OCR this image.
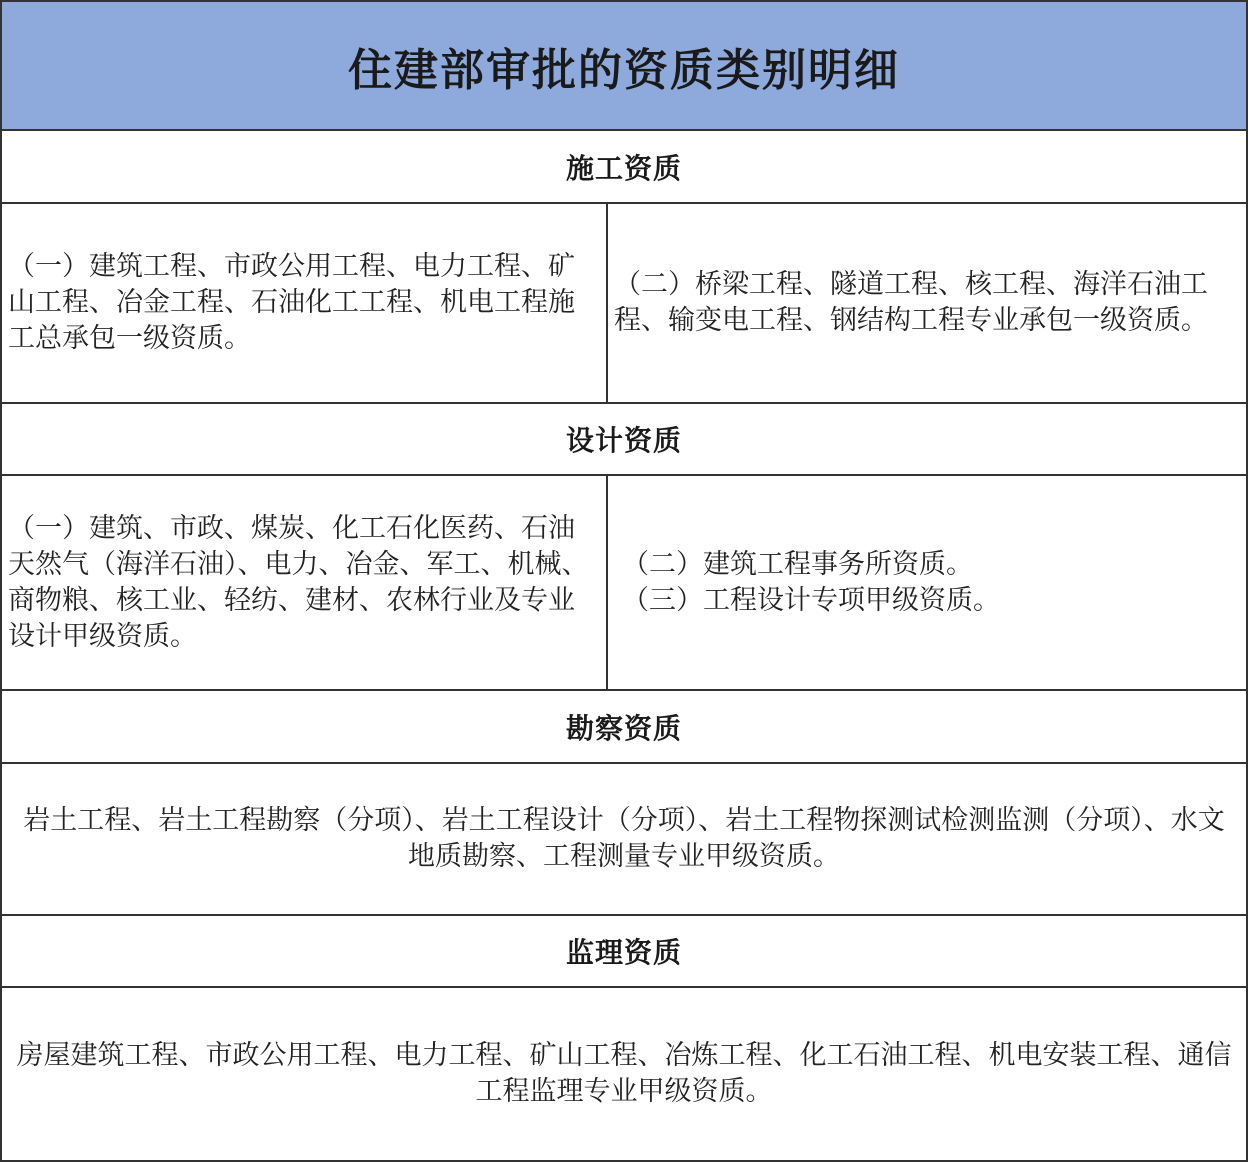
住建部审批的资质类别明细
施工资质

（一）建筑工程、市政公用工程、电力工程、矿山工程、冶金工程、石油化工工程、机电工程施工总承包一级资质。

（二）桥梁工程、隧道工程、核工程、海洋石油工程、输变电工程、钢结构工程专业承包一级资质。

设计资质

（一）建筑、市政、煤炭、化工石化医药、石油天然气（海洋石油）、电力、冶金、军工、机械、商物粮、核工业、轻纺、建材、农林行业及专业设计甲级资质。

（二）建筑工程事务所资质。

（三）工程设计专项甲级资质。

勘察资质

岩土工程、岩土工程勘察（分项）、岩土工程设计（分项）、岩土工程物探测试检测监测（分项）、水文地质勘察、工程测量专业甲级资质。

监理资质

房屋建筑工程、市政公用工程、电力工程、矿山工程、冶炼工程、化工石油工程、机电安装工程、通信工程监理专业甲级资质。
